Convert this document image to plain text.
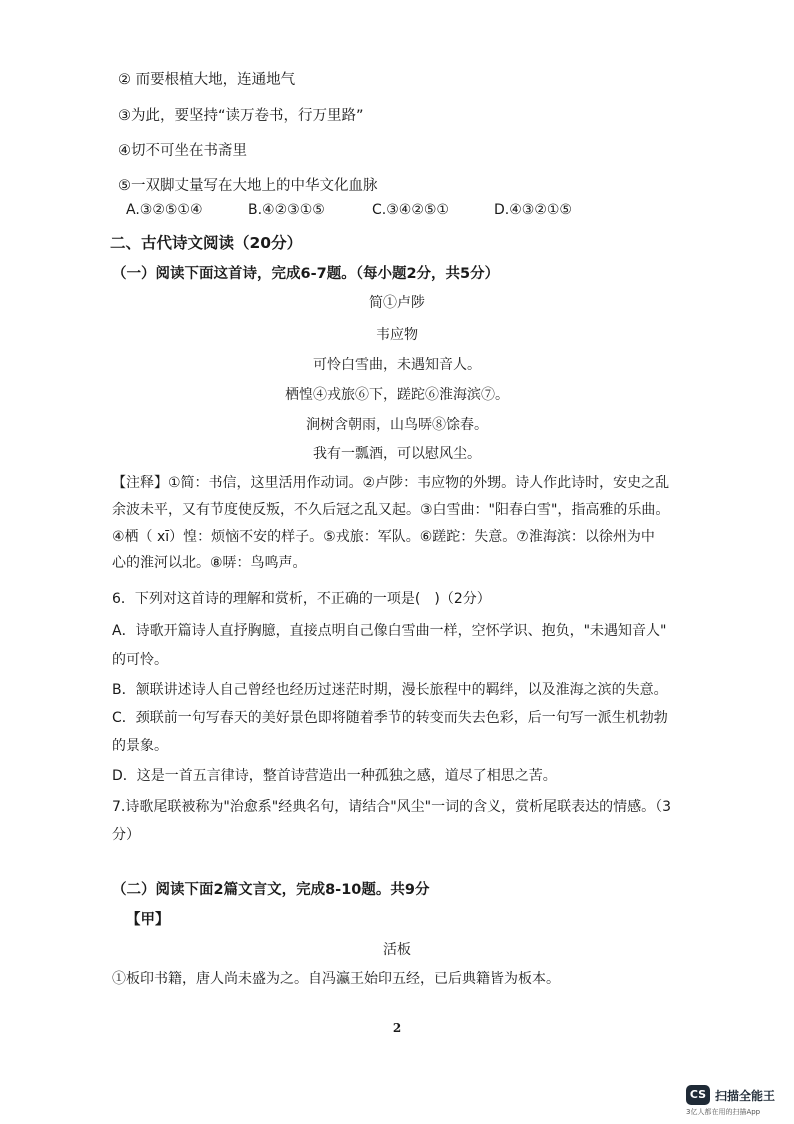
② 而要根植大地，连通地气
③为此，要坚持“读万卷书，行万里路”
④切不可坐在书斋里
⑤一双脚丈量写在大地上的中华文化血脉
A.③②⑤①④	B.④②③①⑤	C.③④②⑤①	D.④③②①⑤
二、古代诗文阅读（20分）
（一）阅读下面这首诗，完成6-7题。（每小题2分，共5分）
简①卢陟
韦应物
可怜白雪曲，未遇知音人。
栖惶④戎旅⑥下，蹉跎⑥淮海滨⑦。
涧树含朝雨，山鸟哢⑧馀春。
我有一瓢酒，可以慰风尘。
【注释】①简：书信，这里活用作动词。②卢陟：韦应物的外甥。诗人作此诗时，安史之乱
余波未平，又有节度使反叛，不久后冠之乱又起。③白雪曲："阳春白雪"，指高雅的乐曲。
④栖（ xī）惶：烦恼不安的样子。⑤戎旅：军队。⑥蹉跎：失意。⑦淮海滨：以徐州为中
心的淮河以北。⑧哢：鸟鸣声。
6．下列对这首诗的理解和赏析，不正确的一项是(　)（2分）
A．诗歌开篇诗人直抒胸臆，直接点明自己像白雪曲一样，空怀学识、抱负，"未遇知音人"
的可怜。
B．颔联讲述诗人自己曾经也经历过迷茫时期，漫长旅程中的羁绊，以及淮海之滨的失意。
C．颈联前一句写春天的美好景色即将随着季节的转变而失去色彩，后一句写一派生机勃勃
的景象。
D．这是一首五言律诗，整首诗营造出一种孤独之感，道尽了相思之苦。
7.诗歌尾联被称为"治愈系"经典名句，请结合"风尘"一词的含义，赏析尾联表达的情感。（3
分）
（二）阅读下面2篇文言文，完成8-10题。共9分
【甲】
活板
①板印书籍，唐人尚未盛为之。自冯瀛王始印五经，已后典籍皆为板本。
2
CS 扫描全能王
3亿人都在用的扫描App
